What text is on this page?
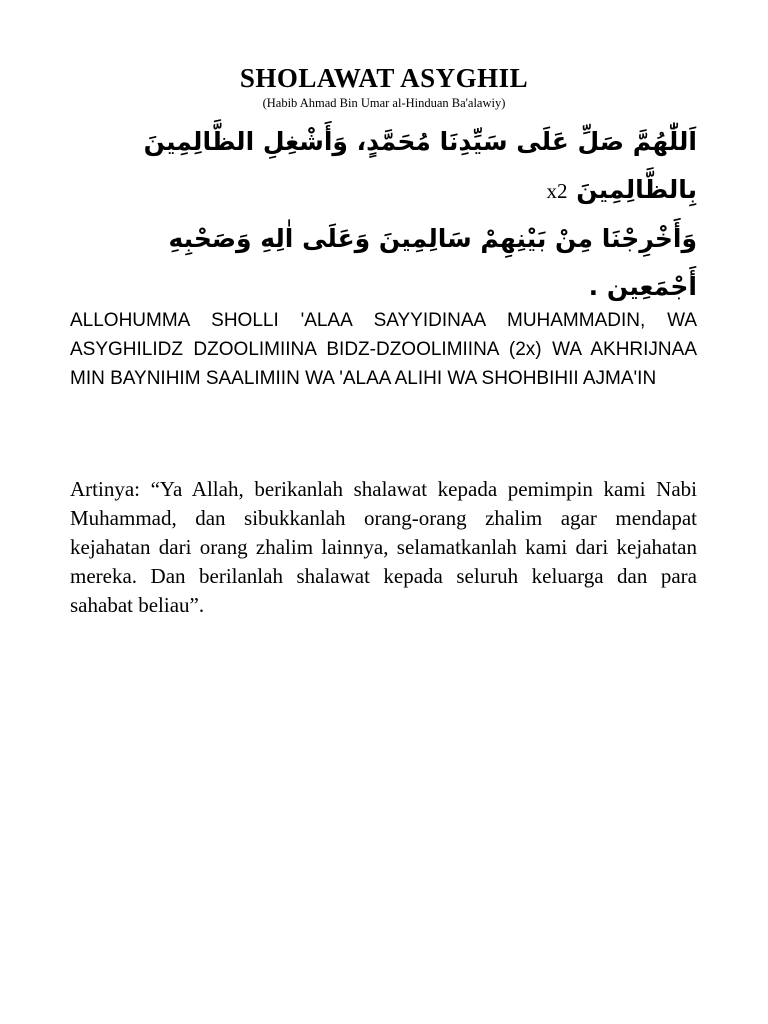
SHOLAWAT ASYGHIL

(Habib Ahmad Bin Umar al-Hinduan Ba'alawiy)

اَللّٰهُمَّ صَلِّ عَلَى سَيِّدِنَا مُحَمَّدٍ، وَأَشْغِلِ الظَّالِمِينَ
بِالظَّالِمِينَ x2
وَأَخْرِجْنَا مِنْ بَيْنِهِمْ سَالِمِينَ وَعَلَى اٰلِهِ وَصَحْبِهِ
أَجْمَعِين .

ALLOHUMMA SHOLLI 'ALAA SAYYIDINAA MUHAMMADIN, WA ASYGHILIDZ DZOOLIMIINA BIDZ-DZOOLIMIINA (2x) WA AKHRIJNAA MIN BAYNIHIM SAALIMIIN WA 'ALAA ALIHI WA SHOHBIHII AJMA'IN

Artinya: “Ya Allah, berikanlah shalawat kepada pemimpin kami Nabi Muhammad, dan sibukkanlah orang-orang zhalim agar mendapat kejahatan dari orang zhalim lainnya, selamatkanlah kami dari kejahatan mereka. Dan berilanlah shalawat kepada seluruh keluarga dan para sahabat beliau”.
